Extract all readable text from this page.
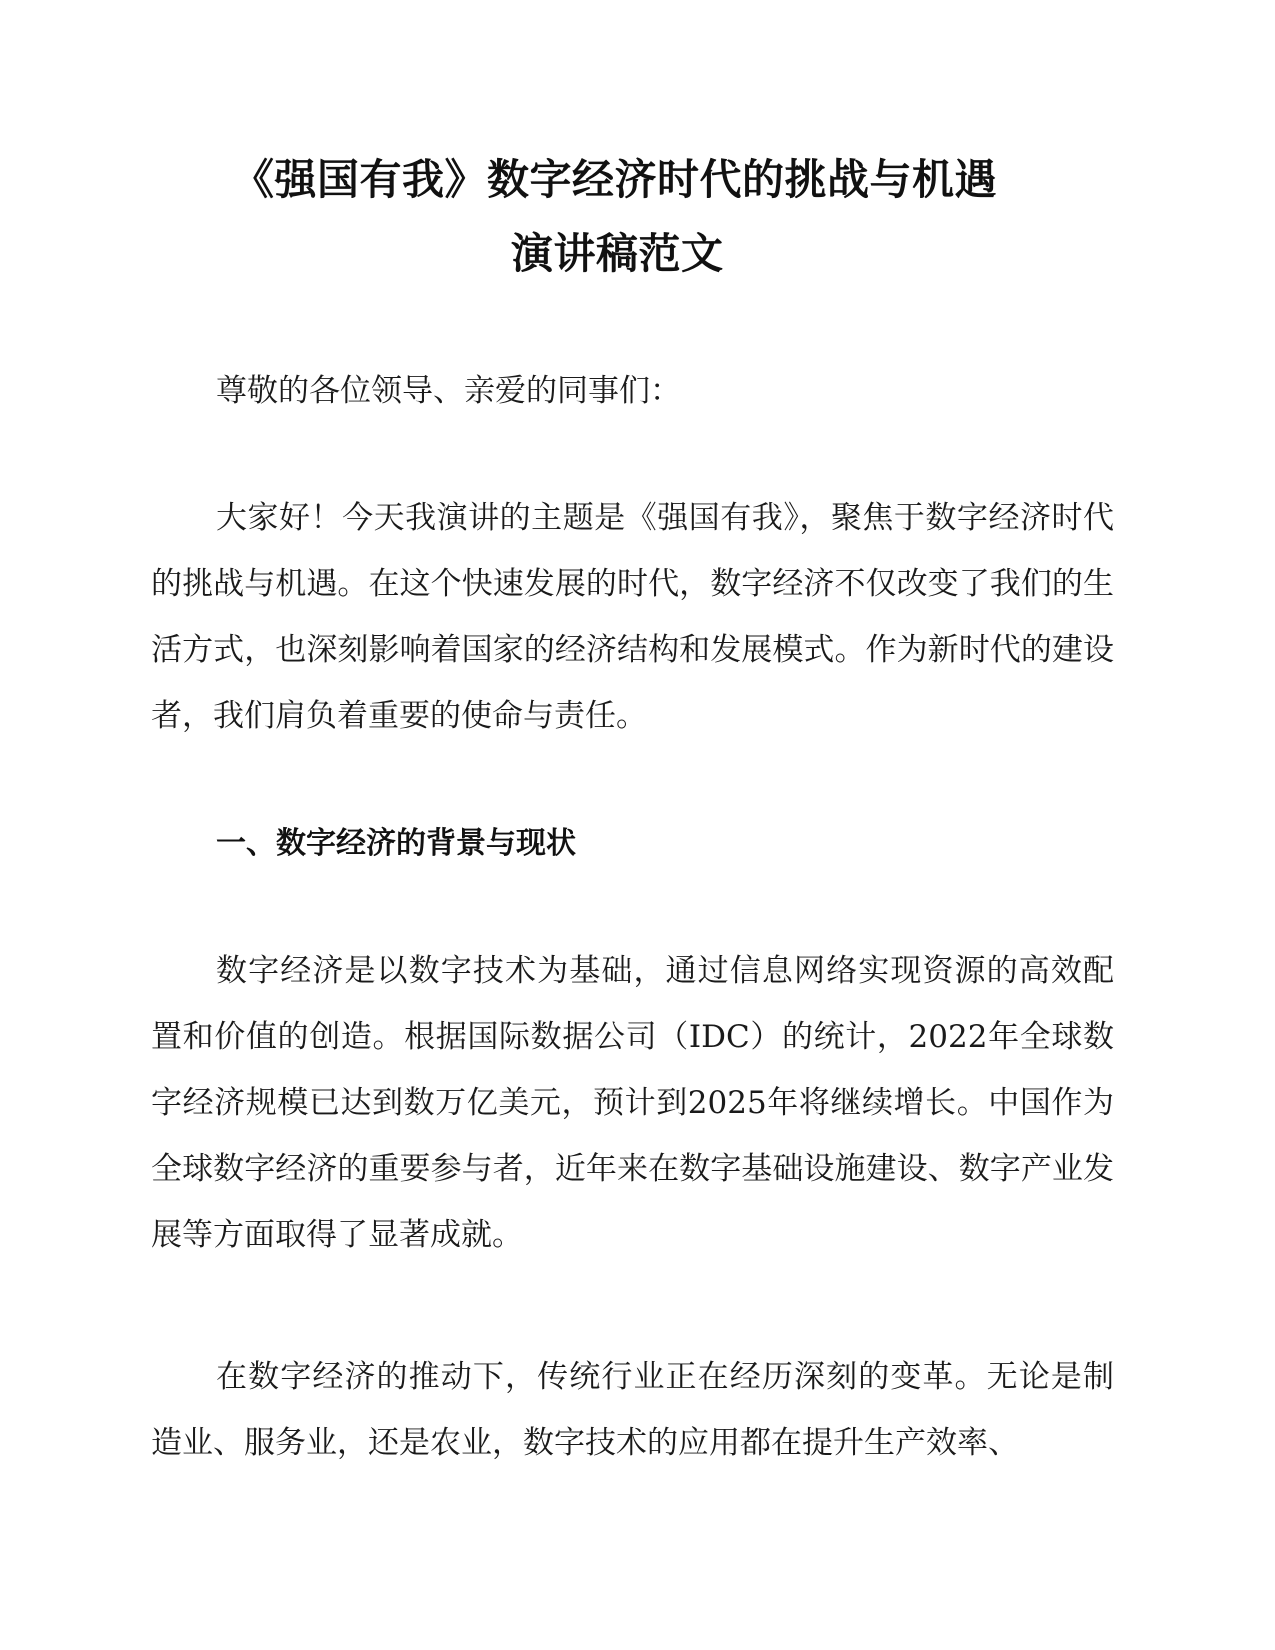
《强国有我》数字经济时代的挑战与机遇
演讲稿范文

尊敬的各位领导、亲爱的同事们：

大家好！今天我演讲的主题是《强国有我》，聚焦于数字经济时代的挑战与机遇。在这个快速发展的时代，数字经济不仅改变了我们的生活方式，也深刻影响着国家的经济结构和发展模式。作为新时代的建设者，我们肩负着重要的使命与责任。

一、数字经济的背景与现状

数字经济是以数字技术为基础，通过信息网络实现资源的高效配置和价值的创造。根据国际数据公司（IDC）的统计，2022年全球数字经济规模已达到数万亿美元，预计到2025年将继续增长。中国作为全球数字经济的重要参与者，近年来在数字基础设施建设、数字产业发展等方面取得了显著成就。

在数字经济的推动下，传统行业正在经历深刻的变革。无论是制造业、服务业，还是农业，数字技术的应用都在提升生产效率、
